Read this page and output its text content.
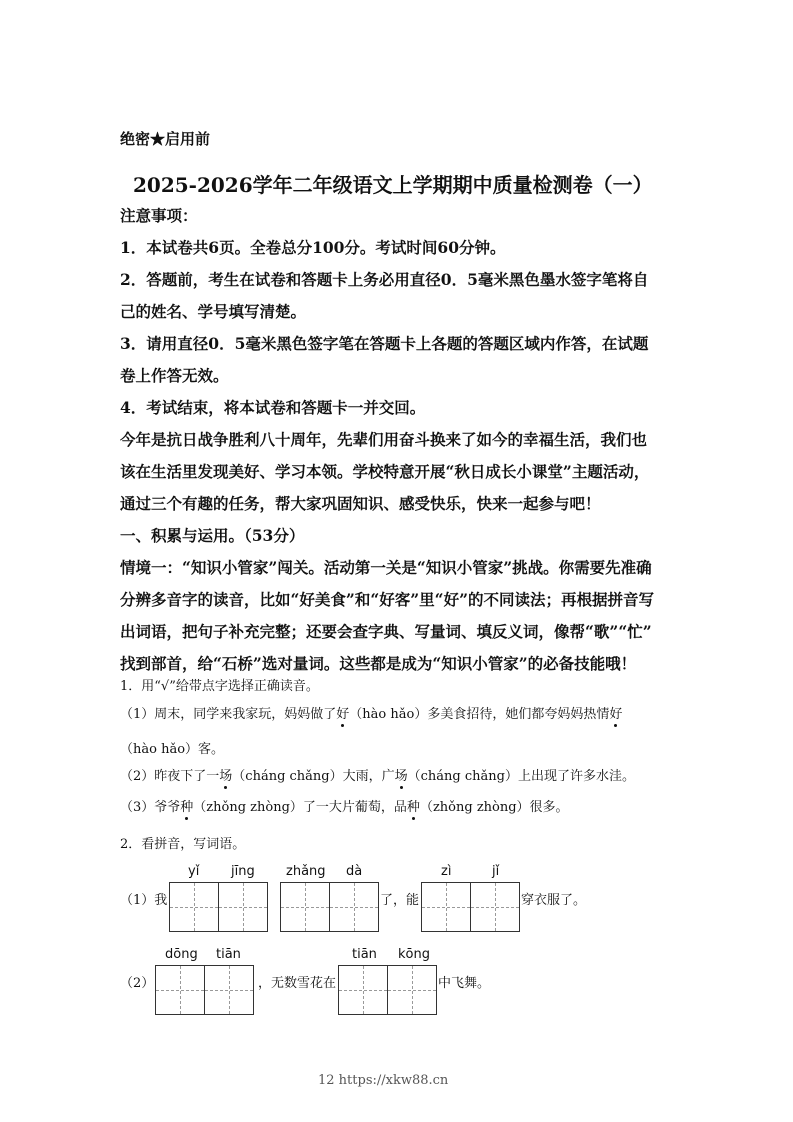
绝密★启用前
2025-2026学年二年级语文上学期期中质量检测卷（一）

注意事项：

1．本试卷共6页。全卷总分100分。考试时间60分钟。

2．答题前，考生在试卷和答题卡上务必用直径0．5毫米黑色墨水签字笔将自

己的姓名、学号填写清楚。

3．请用直径0．5毫米黑色签字笔在答题卡上各题的答题区域内作答，在试题

卷上作答无效。

4．考试结束，将本试卷和答题卡一并交回。

今年是抗日战争胜利八十周年，先辈们用奋斗换来了如今的幸福生活，我们也

该在生活里发现美好、学习本领。学校特意开展“秋日成长小课堂”主题活动，

通过三个有趣的任务，帮大家巩固知识、感受快乐，快来一起参与吧！

一、积累与运用。（53分）

情境一：“知识小管家”闯关。活动第一关是“知识小管家”挑战。你需要先准确

分辨多音字的读音，比如“好美食”和“好客”里“好”的不同读法；再根据拼音写

出词语，把句子补充完整；还要会查字典、写量词、填反义词，像帮“歌”“忙”

找到部首，给“石桥”选对量词。这些都是成为“知识小管家”的必备技能哦！

1．用“√”给带点字选择正确读音。
（1）周末，同学来我家玩，妈妈做了好（hào hǎo）多美食招待，她们都夸妈妈热情好
（hào hǎo）客。
（2）昨夜下了一场（cháng chǎng）大雨，广场（cháng chǎng）上出现了许多水洼。
（3）爷爷种（zhǒng zhòng）了一大片葡萄，品种（zhǒng zhòng）很多。
2．看拼音，写词语。
yǐ jīng zhǎng dà	zì	jǐ
（1）我	了，能	穿衣服了。
dōng tiān	tiān kōng
（2）	，无数雪花在	中飞舞。
12 https://xkw88.cn
